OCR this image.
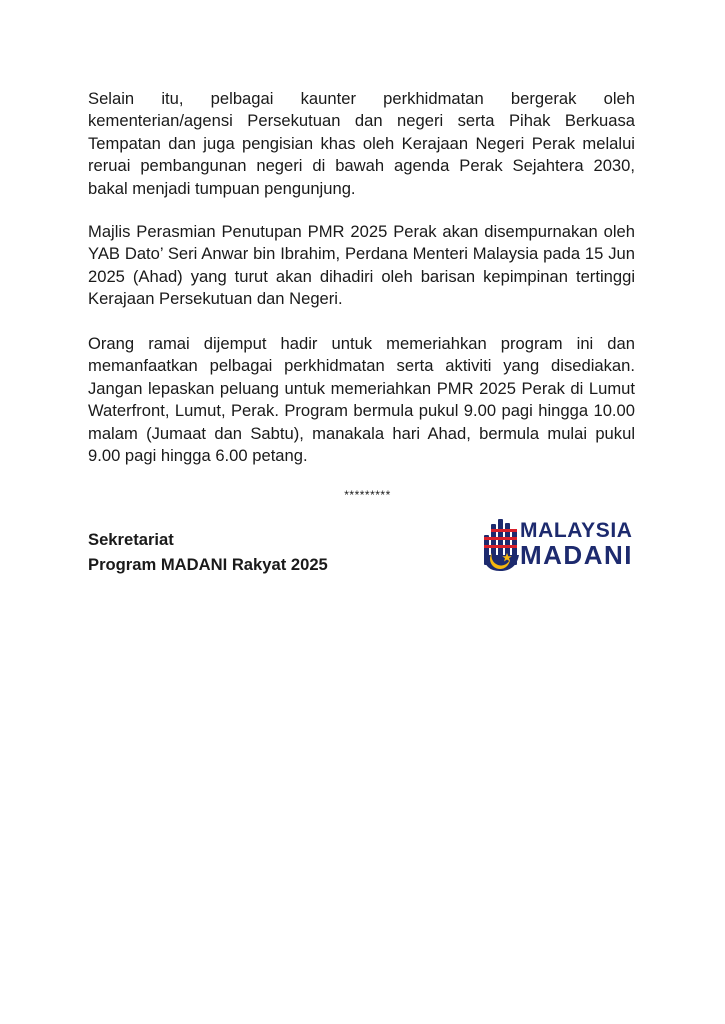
Selain itu, pelbagai kaunter perkhidmatan bergerak oleh kementerian/agensi Persekutuan dan negeri serta Pihak Berkuasa Tempatan dan juga pengisian khas oleh Kerajaan Negeri Perak melalui reruai pembangunan negeri di bawah agenda Perak Sejahtera 2030, bakal menjadi tumpuan pengunjung.

Majlis Perasmian Penutupan PMR 2025 Perak akan disempurnakan oleh YAB Dato’ Seri Anwar bin Ibrahim, Perdana Menteri Malaysia pada 15 Jun 2025 (Ahad) yang turut akan dihadiri oleh barisan kepimpinan tertinggi Kerajaan Persekutuan dan Negeri.

Orang ramai dijemput hadir untuk memeriahkan program ini dan memanfaatkan pelbagai perkhidmatan serta aktiviti yang disediakan. Jangan lepaskan peluang untuk memeriahkan PMR 2025 Perak di Lumut Waterfront, Lumut, Perak. Program bermula pukul 9.00 pagi hingga 10.00 malam (Jumaat dan Sabtu), manakala hari Ahad, bermula mulai pukul 9.00 pagi hingga 6.00 petang.

*********
Sekretariat
Program MADANI Rakyat 2025
MALAYSIA
MADANI
